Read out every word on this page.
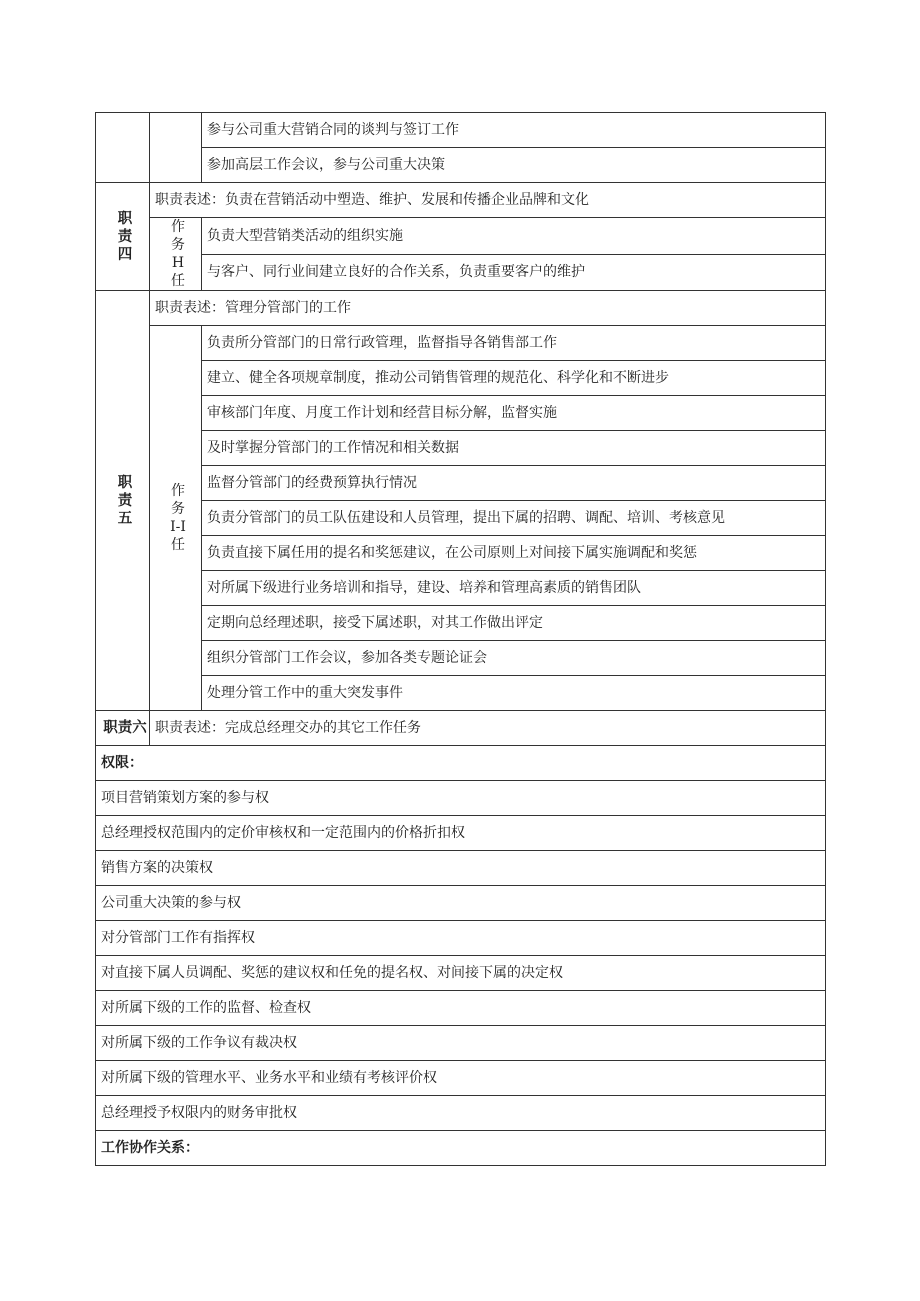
		参与公司重大营销合同的谈判与签订工作
		参加高层工作会议，参与公司重大决策

职
责
四	职责表述：负责在营销活动中塑造、维护、发展和传播企业品牌和文化	

	作
务
H
任	负责大型营销类活动的组织实施
		与客户、同行业间建立良好的合作关系，负责重要客户的维护

职
责
五	职责表述：管理分管部门的工作	

	作
务
I-I
任	负责所分管部门的日常行政管理，监督指导各销售部工作
		建立、健全各项规章制度，推动公司销售管理的规范化、科学化和不断进步
		审核部门年度、月度工作计划和经营目标分解，监督实施
		及时掌握分管部门的工作情况和相关数据
		监督分管部门的经费预算执行情况
		负责分管部门的员工队伍建设和人员管理，提出下属的招聘、调配、培训、考核意见
		负责直接下属任用的提名和奖惩建议，在公司原则上对间接下属实施调配和奖惩
		对所属下级进行业务培训和指导，建设、培养和管理高素质的销售团队
		定期向总经理述职，接受下属述职，对其工作做出评定
		组织分管部门工作会议，参加各类专题论证会
		处理分管工作中的重大突发事件
职责六	职责表述：完成总经理交办的其它工作任务	
权限：		
项目营销策划方案的参与权		
总经理授权范围内的定价审核权和一定范围内的价格折扣权		
销售方案的决策权		
公司重大决策的参与权		
对分管部门工作有指挥权		
对直接下属人员调配、奖惩的建议权和任免的提名权、对间接下属的决定权		
对所属下级的工作的监督、检查权		
对所属下级的工作争议有裁决权		
对所属下级的管理水平、业务水平和业绩有考核评价权		
总经理授予权限内的财务审批权		
工作协作关系：		
